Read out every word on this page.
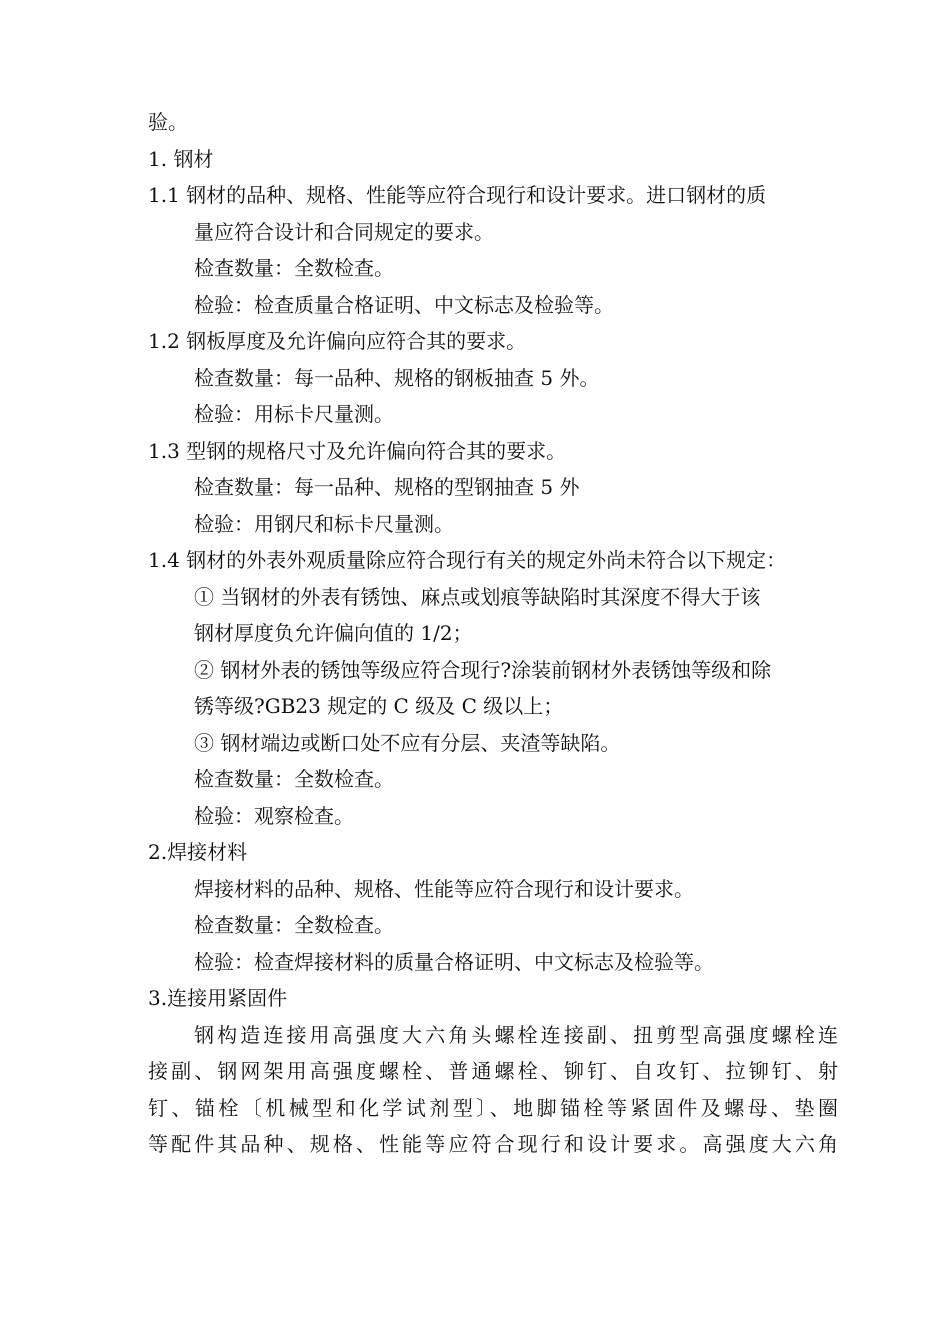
验。
1. 钢材
1.1 钢材的品种、规格、性能等应符合现行和设计要求。进口钢材的质
量应符合设计和合同规定的要求。
检查数量：全数检查。
检验：检查质量合格证明、中文标志及检验等。
1.2 钢板厚度及允许偏向应符合其的要求。
检查数量：每一品种、规格的钢板抽查 5 外。
检验：用标卡尺量测。
1.3 型钢的规格尺寸及允许偏向符合其的要求。
检查数量：每一品种、规格的型钢抽查 5 外
检验：用钢尺和标卡尺量测。
1.4 钢材的外表外观质量除应符合现行有关的规定外尚未符合以下规定：
① 当钢材的外表有锈蚀、麻点或划痕等缺陷时其深度不得大于该
钢材厚度负允许偏向值的 1/2；
② 钢材外表的锈蚀等级应符合现行?涂装前钢材外表锈蚀等级和除
锈等级?GB23 规定的 C 级及 C 级以上；
③ 钢材端边或断口处不应有分层、夹渣等缺陷。
检查数量：全数检查。
检验：观察检查。
2.焊接材料
焊接材料的品种、规格、性能等应符合现行和设计要求。
检查数量：全数检查。
检验：检查焊接材料的质量合格证明、中文标志及检验等。
3.连接用紧固件
钢构造连接用高强度大六角头螺栓连接副、扭剪型高强度螺栓连
接副、钢网架用高强度螺栓、普通螺栓、铆钉、自攻钉、拉铆钉、射
钉、锚栓〔机械型和化学试剂型〕、地脚锚栓等紧固件及螺母、垫圈
等配件其品种、规格、性能等应符合现行和设计要求。高强度大六角
